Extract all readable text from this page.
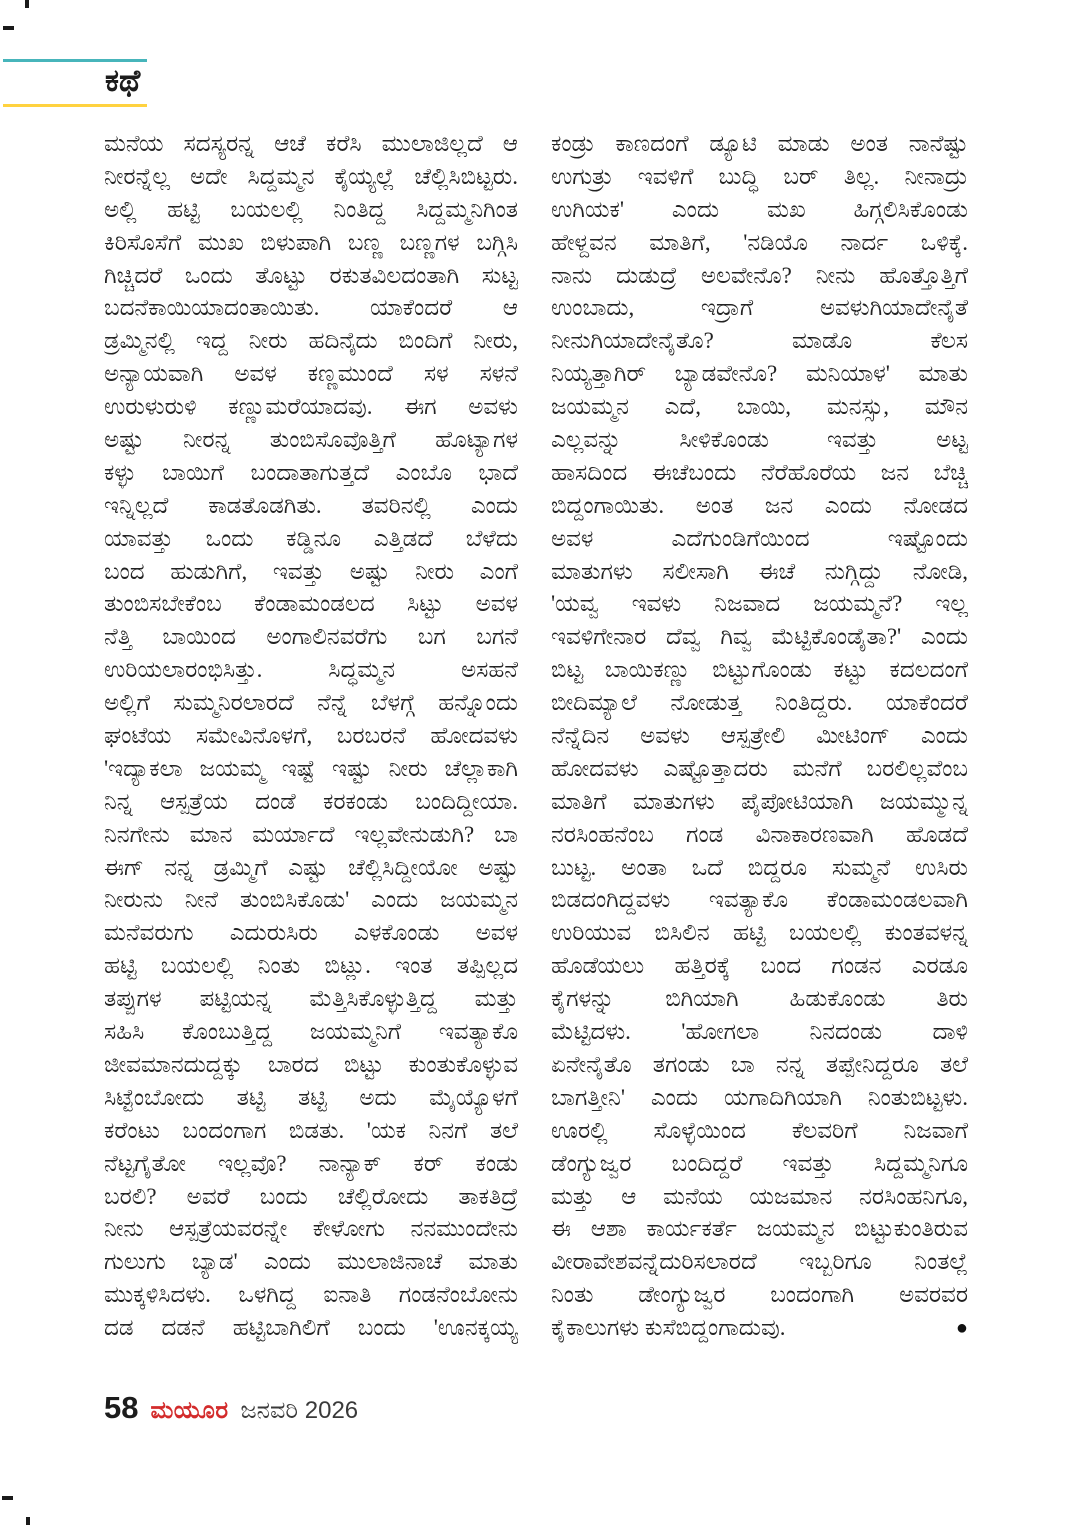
ಕಥೆ
ಮನೆಯ ಸದಸ್ಯರನ್ನ ಆಚೆ ಕರೆಸಿ ಮುಲಾಜಿಲ್ಲದೆ ಆ
ನೀರನ್ನೆಲ್ಲ ಅದೇ ಸಿದ್ದಮ್ಮನ ಕೈಯ್ಯಲ್ಲೆ ಚೆಲ್ಲಿಸಿಬಿಟ್ಟರು.
ಅಲ್ಲಿ ಹಟ್ಟಿ ಬಯಲಲ್ಲಿ ನಿಂತಿದ್ದ ಸಿದ್ದಮ್ಮನಿಗಿಂತ
ಕಿರಿಸೊಸೆಗೆ ಮುಖ ಬಿಳುಪಾಗಿ ಬಣ್ಣ ಬಣ್ಣಗಳ ಬಗ್ಗಿಸಿ
ಗಿಚ್ಚಿದರೆ ಒಂದು ತೊಟ್ಟು ರಕುತವಿಲದಂತಾಗಿ ಸುಟ್ಟ
ಬದನೆಕಾಯಿಯಾದಂತಾಯಿತು. ಯಾಕೆಂದರೆ ಆ
ಡ್ರಮ್ಮಿನಲ್ಲಿ ಇದ್ದ ನೀರು ಹದಿನೈದು ಬಿಂದಿಗೆ ನೀರು,
ಅನ್ಯಾಯವಾಗಿ ಅವಳ ಕಣ್ಣಮುಂದೆ ಸಳ ಸಳನೆ
ಉರುಳುರುಳಿ ಕಣ್ಣುಮರೆಯಾದವು. ಈಗ ಅವಳು
ಅಷ್ಟು ನೀರನ್ನ ತುಂಬಿಸೊವೊತ್ತಿಗೆ ಹೊಟ್ಯಾಗಳ
ಕಳ್ಳು ಬಾಯಿಗೆ ಬಂದಾತಾಗುತ್ತದೆ ಎಂಬೊ ಭಾದೆ
ಇನ್ನಿಲ್ಲದೆ ಕಾಡತೊಡಗಿತು. ತವರಿನಲ್ಲಿ ಎಂದು
ಯಾವತ್ತು ಒಂದು ಕಡ್ಡಿನೂ ಎತ್ತಿಡದೆ ಬೆಳೆದು
ಬಂದ ಹುಡುಗಿಗೆ, ಇವತ್ತು ಅಷ್ಟು ನೀರು ಎಂಗೆ
ತುಂಬಿಸಬೇಕೆಂಬ ಕೆಂಡಾಮಂಡಲದ ಸಿಟ್ಟು ಅವಳ
ನೆತ್ತಿ ಬಾಯಿಂದ ಅಂಗಾಲಿನವರೆಗು ಬಗ ಬಗನೆ
ಉರಿಯಲಾರಂಭಿಸಿತ್ತು. ಸಿದ್ಧಮ್ಮನ ಅಸಹನೆ
ಅಲ್ಲಿಗೆ ಸುಮ್ಮನಿರಲಾರದೆ ನೆನ್ನೆ ಬೆಳಗ್ಗೆ ಹನ್ನೊಂದು
ಘಂಟೆಯ ಸಮೇವಿನೊಳಗೆ, ಬರಬರನೆ ಹೋದವಳು
'ಇದ್ಯಾಕಲಾ ಜಯಮ್ಮ ಇಷ್ಟೆ ಇಷ್ಟು ನೀರು ಚೆಲ್ಲಾಕಾಗಿ
ನಿನ್ನ ಆಸ್ಪತ್ರೆಯ ದಂಡೆ ಕರಕಂಡು ಬಂದಿದ್ದೀಯಾ.
ನಿನಗೇನು ಮಾನ ಮರ್ಯಾದೆ ಇಲ್ಲವೇನುಡುಗಿ? ಬಾ
ಈಗ್ ನನ್ನ ಡ್ರಮ್ಮಿಗೆ ಎಷ್ಟು ಚೆಲ್ಲಿಸಿದ್ದೀಯೋ ಅಷ್ಟು
ನೀರುನು ನೀನೆ ತುಂಬಿಸಿಕೊಡು' ಎಂದು ಜಯಮ್ಮನ
ಮನೆವರುಗು ಎದುರುಸಿರು ಎಳಕೊಂಡು ಅವಳ
ಹಟ್ಟಿ ಬಯಲಲ್ಲಿ ನಿಂತು ಬಿಟ್ಲು. ಇಂತ ತಪ್ಪಿಲ್ಲದ
ತಪ್ಪುಗಳ ಪಟ್ಟಿಯನ್ನ ಮೆತ್ತಿಸಿಕೊಳ್ಳುತ್ತಿದ್ದ ಮತ್ತು
ಸಹಿಸಿ ಕೊಂಬುತ್ತಿದ್ದ ಜಯಮ್ಮನಿಗೆ ಇವತ್ಯಾಕೊ
ಜೀವಮಾನದುದ್ದಕ್ಕು ಬಾರದ ಬಿಟ್ಟು ಕುಂತುಕೊಳ್ಳುವ
ಸಿಟ್ಟೆಂಬೋದು ತಟ್ಟಿ ತಟ್ಟಿ ಅದು ಮೈಯ್ಯೊಳಗೆ
ಕರೆಂಟು ಬಂದಂಗಾಗ ಬಿಡತು. 'ಯಕ ನಿನಗೆ ತಲೆ
ನೆಟ್ಟಗೈತೋ ಇಲ್ಲವೊ? ನಾನ್ಯಾಕ್ ಕರ್ ಕಂಡು
ಬರಲಿ? ಅವರೆ ಬಂದು ಚೆಲ್ಲಿರೋದು ತಾಕತಿದ್ರೆ
ನೀನು ಆಸ್ಪತ್ರೆಯವರನ್ನೇ ಕೇಳೋಗು ನನಮುಂದೇನು
ಗುಲುಗು ಬ್ಯಾಡ' ಎಂದು ಮುಲಾಜಿನಾಚೆ ಮಾತು
ಮುಕ್ಕಳಿಸಿದಳು. ಒಳಗಿದ್ದ ಐನಾತಿ ಗಂಡನೆಂಬೋನು
ದಡ ದಡನೆ ಹಟ್ಟಿಬಾಗಿಲಿಗೆ ಬಂದು 'ಊನಕ್ಕಯ್ಯ
ಕಂಡ್ರು ಕಾಣದಂಗೆ ಡ್ಯೂಟಿ ಮಾಡು ಅಂತ ನಾನೆಷ್ಟು
ಉಗುತ್ರು ಇವಳಿಗೆ ಬುದ್ಧಿ ಬರ್ ತಿಲ್ಲ. ನೀನಾದ್ರು
ಉಗಿಯಕ' ಎಂದು ಮಖ ಹಿಗ್ಗಲಿಸಿಕೊಂಡು
ಹೇಳ್ದವನ ಮಾತಿಗೆ, 'ನಡಿಯೊ ನಾರ್ದ ಒಳಿಕ್ಕೆ.
ನಾನು ದುಡುದ್ರೆ ಅಲವೇನೊ? ನೀನು ಹೊತ್ತೊತ್ತಿಗೆ
ಉಂಬಾದು, ಇದ್ರಾಗೆ ಅವಳುಗಿಯಾದೇನೈತೆ
ನೀನುಗಿಯಾದೇನೈತೊ? ಮಾಡೊ ಕೆಲಸ
ನಿಯ್ಯತ್ತಾಗಿರ್ ಬ್ಯಾಡವೇನೊ? ಮನಿಯಾಳ' ಮಾತು
ಜಯಮ್ಮನ ಎದೆ, ಬಾಯಿ, ಮನಸ್ಸು, ಮೌನ
ಎಲ್ಲವನ್ನು ಸೀಳಿಕೊಂಡು ಇವತ್ತು ಅಟ್ಟ
ಹಾಸದಿಂದ ಈಚೆಬಂದು ನೆರೆಹೊರೆಯ ಜನ ಬೆಚ್ಚಿ
ಬಿದ್ದಂಗಾಯಿತು. ಅಂತ ಜನ ಎಂದು ನೋಡದ
ಅವಳ ಎದೆಗುಂಡಿಗೆಯಿಂದ ಇಷ್ಟೊಂದು
ಮಾತುಗಳು ಸಲೀಸಾಗಿ ಈಚೆ ನುಗ್ಗಿದ್ದು ನೋಡಿ,
'ಯವ್ವ ಇವಳು ನಿಜವಾದ ಜಯಮ್ಮನೆ? ಇಲ್ಲ
ಇವಳಿಗೇನಾರ ದೆವ್ವ ಗಿವ್ವ ಮೆಟ್ಟಿಕೊಂಡೈತಾ?' ಎಂದು
ಬಿಟ್ಟ ಬಾಯಿಕಣ್ಣು ಬಿಟ್ಟುಗೊಂಡು ಕಟ್ಟು ಕದಲದಂಗೆ
ಬೀದಿಮ್ಯಾಲೆ ನೋಡುತ್ತ ನಿಂತಿದ್ದರು. ಯಾಕೆಂದರೆ
ನೆನ್ನೆದಿನ ಅವಳು ಆಸ್ಪತ್ರೇಲಿ ಮೀಟಿಂಗ್ ಎಂದು
ಹೋದವಳು ಎಷ್ಟೊತ್ತಾದರು ಮನೆಗೆ ಬರಲಿಲ್ಲವೆಂಬ
ಮಾತಿಗೆ ಮಾತುಗಳು ಪೈಪೋಟಿಯಾಗಿ ಜಯಮ್ಮುನ್ನ
ನರಸಿಂಹನೆಂಬ ಗಂಡ ವಿನಾಕಾರಣವಾಗಿ ಹೊಡದೆ
ಬುಟ್ಟ. ಅಂತಾ ಒದೆ ಬಿದ್ದರೂ ಸುಮ್ಮನೆ ಉಸಿರು
ಬಿಡದಂಗಿದ್ದವಳು ಇವತ್ಯಾಕೊ ಕೆಂಡಾಮಂಡಲವಾಗಿ
ಉರಿಯುವ ಬಿಸಿಲಿನ ಹಟ್ಟಿ ಬಯಲಲ್ಲಿ ಕುಂತವಳನ್ನ
ಹೊಡೆಯಲು ಹತ್ತಿರಕ್ಕೆ ಬಂದ ಗಂಡನ ಎರಡೂ
ಕೈಗಳನ್ನು ಬಿಗಿಯಾಗಿ ಹಿಡುಕೊಂಡು ತಿರು
ಮೆಟ್ಟಿದಳು. 'ಹೋಗಲಾ ನಿನದಂಡು ದಾಳಿ
ಏನೇನೈತೊ ತಗಂಡು ಬಾ ನನ್ನ ತಪ್ಪೇನಿದ್ದರೂ ತಲೆ
ಬಾಗತ್ತೀನಿ' ಎಂದು ಯಗಾದಿಗಿಯಾಗಿ ನಿಂತುಬಿಟ್ಟಳು.
ಊರಲ್ಲಿ ಸೊಳ್ಳೆಯಿಂದ ಕೆಲವರಿಗೆ ನಿಜವಾಗೆ
ಡೆಂಗ್ಯುಜ್ವರ ಬಂದಿದ್ದರೆ ಇವತ್ತು ಸಿದ್ದಮ್ಮನಿಗೂ
ಮತ್ತು ಆ ಮನೆಯ ಯಜಮಾನ ನರಸಿಂಹನಿಗೂ,
ಈ ಆಶಾ ಕಾರ್ಯಕರ್ತೆ ಜಯಮ್ಮನ ಬಿಟ್ಟುಕುಂತಿರುವ
ವೀರಾವೇಶವನ್ನೆದುರಿಸಲಾರದೆ ಇಬ್ಬರಿಗೂ ನಿಂತಲ್ಲೆ
ನಿಂತು ಡೇಂಗ್ಯುಜ್ವರ ಬಂದಂಗಾಗಿ ಅವರವರ
ಕೈಕಾಲುಗಳು ಕುಸೆಬಿದ್ದಂಗಾದುವು.	●
58 ಮಯೂರ ಜನವರಿ 2026
